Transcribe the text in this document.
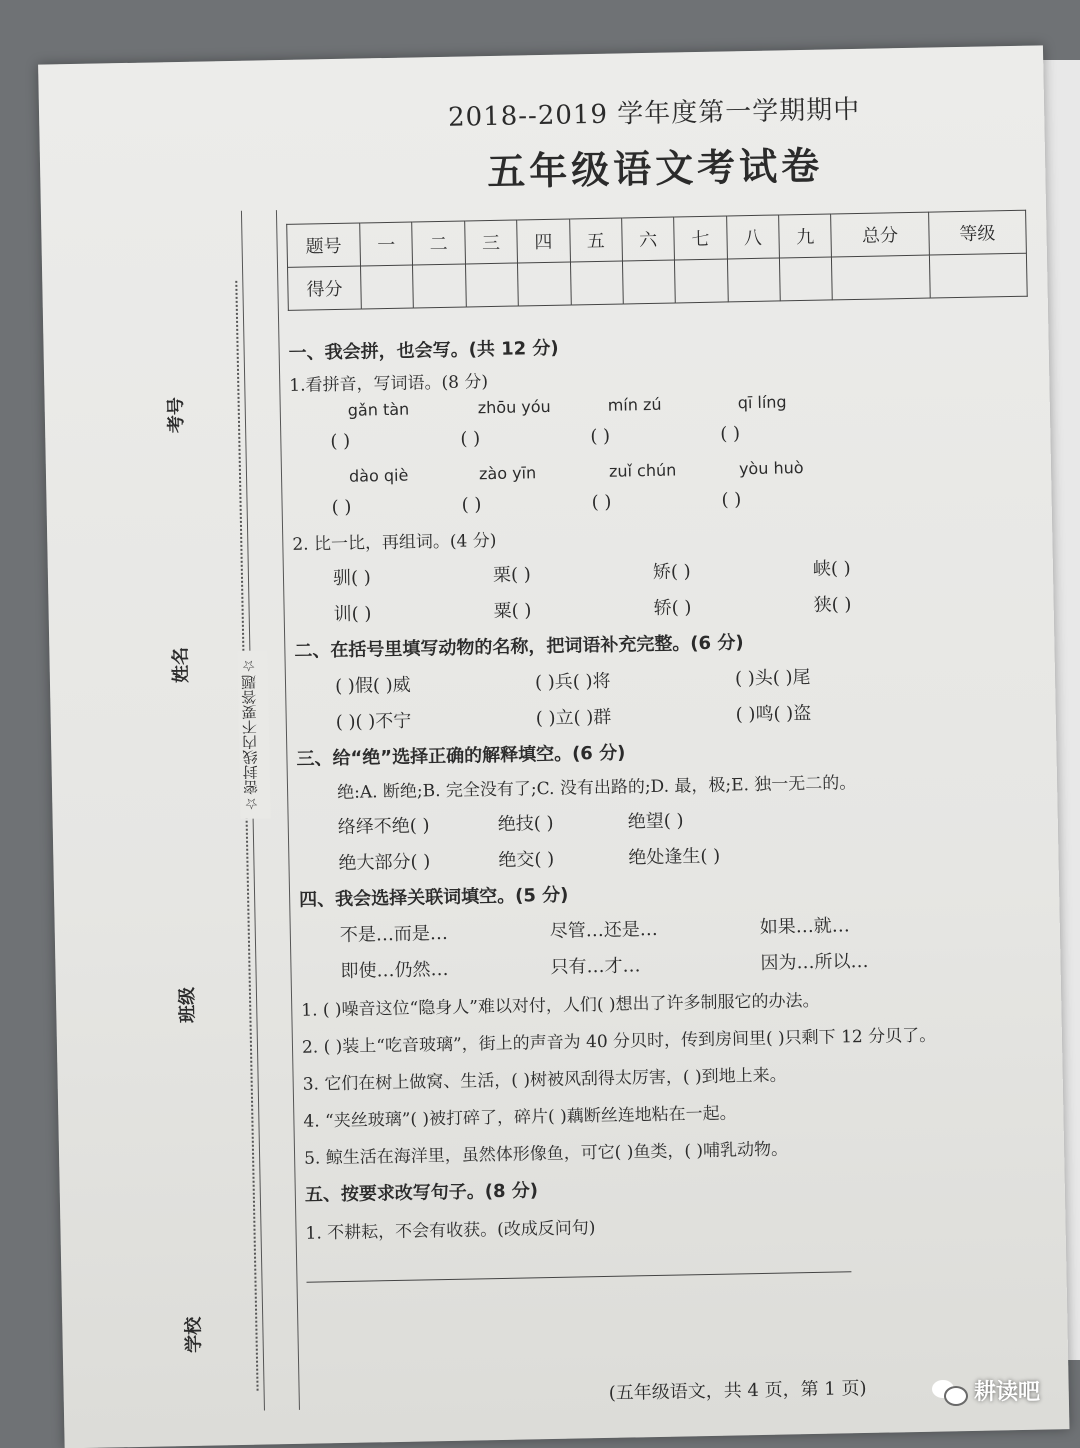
考号
姓名
班级
学校
☆密封线内不要答题☆
2018--2019 学年度第一学期期中
五年级语文考试卷
题号	一	二	三	四	五	六	七	八	九	总分	等级
得分											
一、我会拼，也会写。(共 12 分)
1.看拼音，写词语。(8 分)
gǎn tàn	zhōu yóu	mín zú	qī líng
( )	( )	( )	( )
dào qiè	zào yīn	zuǐ chún	yòu huò
( )	( )	( )	( )
2. 比一比，再组词。(4 分)
驯( )	栗( )	矫( )	峡( )
训( )	粟( )	轿( )	狭( )
二、在括号里填写动物的名称，把词语补充完整。(6 分)
( )假( )威	( )兵( )将	( )头( )尾
( )( )不宁	( )立( )群	( )鸣( )盗
三、给“绝”选择正确的解释填空。(6 分)
绝:A. 断绝;B. 完全没有了;C. 没有出路的;D. 最，极;E. 独一无二的。
络绎不绝( )	绝技( )	绝望( )
绝大部分( )	绝交( )	绝处逢生( )
四、我会选择关联词填空。(5 分)
不是…而是…	尽管…还是…	如果…就…
即使…仍然…	只有…才…	因为…所以…
1. ( )噪音这位“隐身人”难以对付，人们( )想出了许多制服它的办法。
2. ( )装上“吃音玻璃”，街上的声音为 40 分贝时，传到房间里( )只剩下 12 分贝了。
3. 它们在树上做窝、生活，( )树被风刮得太厉害，( )到地上来。
4. “夹丝玻璃”( )被打碎了，碎片( )藕断丝连地粘在一起。
5. 鲸生活在海洋里，虽然体形像鱼，可它( )鱼类，( )哺乳动物。
五、按要求改写句子。(8 分)
1. 不耕耘，不会有收获。(改成反问句)
(五年级语文，共 4 页，第 1 页)	耕读吧
